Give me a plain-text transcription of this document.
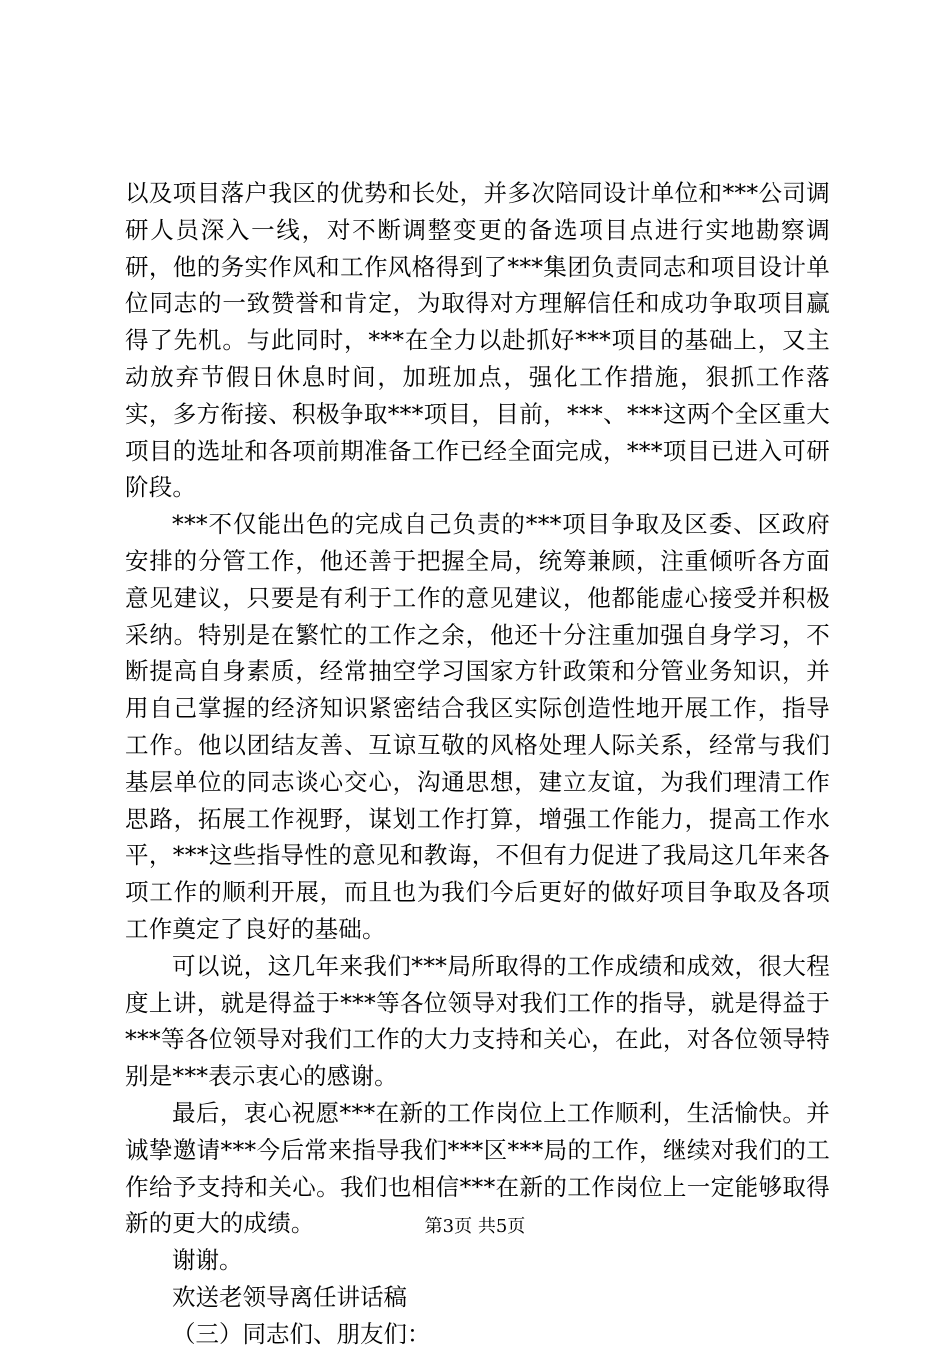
以及项目落户我区的优势和长处，并多次陪同设计单位和***公司调研人员深入一线，对不断调整变更的备选项目点进行实地勘察调研，他的务实作风和工作风格得到了***集团负责同志和项目设计单位同志的一致赞誉和肯定，为取得对方理解信任和成功争取项目赢得了先机。与此同时，***在全力以赴抓好***项目的基础上，又主动放弃节假日休息时间，加班加点，强化工作措施，狠抓工作落实，多方衔接、积极争取***项目，目前，***、***这两个全区重大项目的选址和各项前期准备工作已经全面完成，***项目已进入可研阶段。

***不仅能出色的完成自己负责的***项目争取及区委、区政府安排的分管工作，他还善于把握全局，统筹兼顾，注重倾听各方面意见建议，只要是有利于工作的意见建议，他都能虚心接受并积极采纳。特别是在繁忙的工作之余，他还十分注重加强自身学习，不断提高自身素质，经常抽空学习国家方针政策和分管业务知识，并用自己掌握的经济知识紧密结合我区实际创造性地开展工作，指导工作。他以团结友善、互谅互敬的风格处理人际关系，经常与我们基层单位的同志谈心交心，沟通思想，建立友谊，为我们理清工作思路，拓展工作视野，谋划工作打算，增强工作能力，提高工作水平，***这些指导性的意见和教诲，不但有力促进了我局这几年来各项工作的顺利开展，而且也为我们今后更好的做好项目争取及各项工作奠定了良好的基础。

可以说，这几年来我们***局所取得的工作成绩和成效，很大程度上讲，就是得益于***等各位领导对我们工作的指导，就是得益于***等各位领导对我们工作的大力支持和关心，在此，对各位领导特别是***表示衷心的感谢。

最后，衷心祝愿***在新的工作岗位上工作顺利，生活愉快。并诚挚邀请***今后常来指导我们***区***局的工作，继续对我们的工作给予支持和关心。我们也相信***在新的工作岗位上一定能够取得新的更大的成绩。

谢谢。

欢送老领导离任讲话稿

（三）同志们、朋友们：

第3页 共5页
